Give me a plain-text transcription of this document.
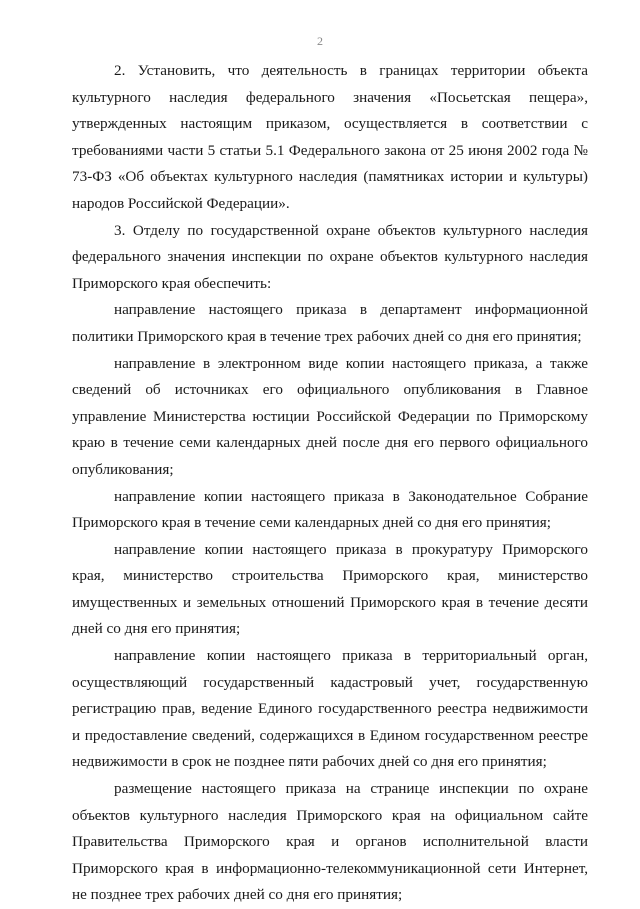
2

2. Установить, что деятельность в границах территории объекта культурного наследия федерального значения «Посьетская пещера», утвержденных настоящим приказом, осуществляется в соответствии с требованиями части 5 статьи 5.1 Федерального закона от 25 июня 2002 года № 73-ФЗ «Об объектах культурного наследия (памятниках истории и культуры) народов Российской Федерации».

3. Отделу по государственной охране объектов культурного наследия федерального значения инспекции по охране объектов культурного наследия Приморского края обеспечить:

направление настоящего приказа в департамент информационной политики Приморского края в течение трех рабочих дней со дня его принятия;

направление в электронном виде копии настоящего приказа, а также сведений об источниках его официального опубликования в Главное управление Министерства юстиции Российской Федерации по Приморскому краю в течение семи календарных дней после дня его первого официального опубликования;

направление копии настоящего приказа в Законодательное Собрание Приморского края в течение семи календарных дней со дня его принятия;

направление копии настоящего приказа в прокуратуру Приморского края, министерство строительства Приморского края, министерство имущественных и земельных отношений Приморского края в течение десяти дней со дня его принятия;

направление копии настоящего приказа в территориальный орган, осуществляющий государственный кадастровый учет, государственную регистрацию прав, ведение Единого государственного реестра недвижимости и предоставление сведений, содержащихся в Едином государственном реестре недвижимости в срок не позднее пяти рабочих дней со дня его принятия;

размещение настоящего приказа на странице инспекции по охране объектов культурного наследия Приморского края на официальном сайте Правительства Приморского края и органов исполнительной власти Приморского края в информационно-телекоммуникационной сети Интернет, не позднее трех рабочих дней со дня его принятия;
